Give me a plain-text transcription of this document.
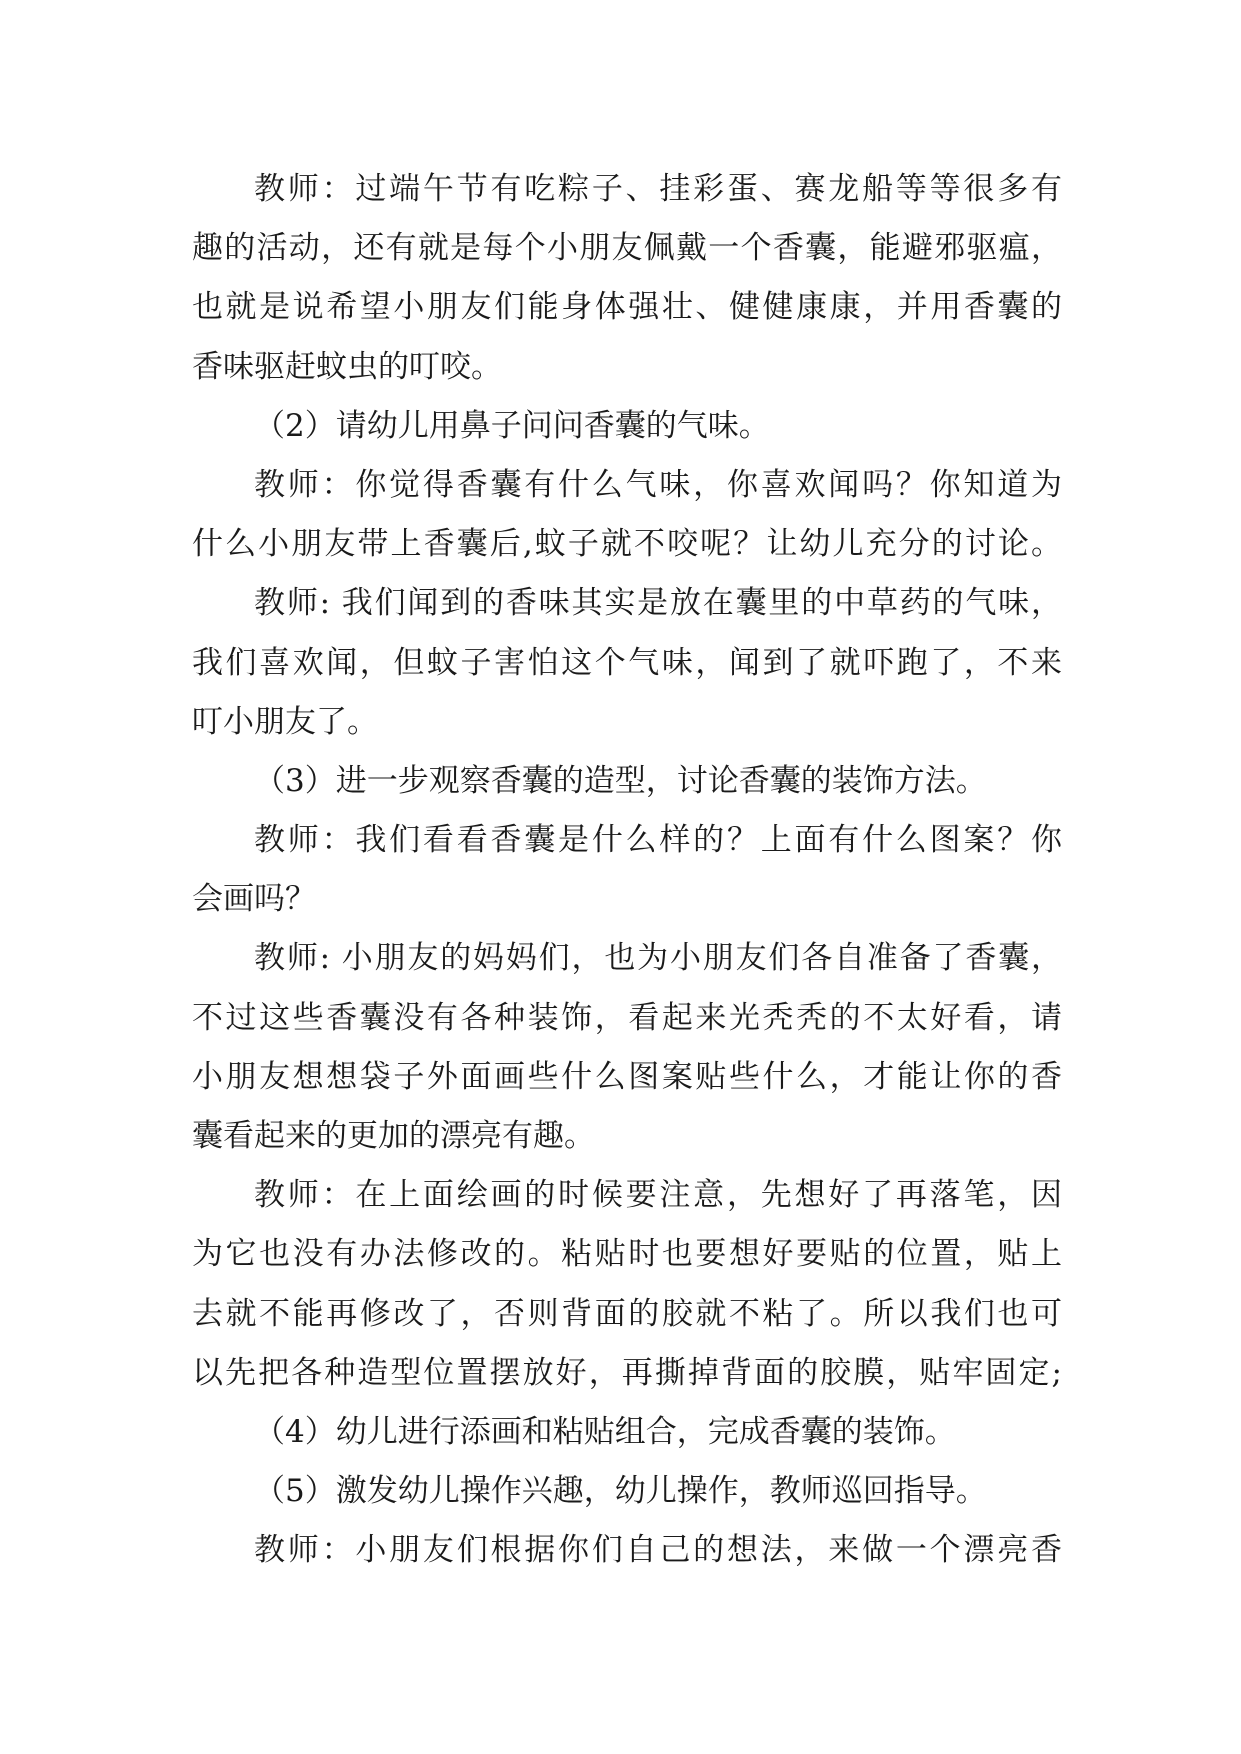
教师：过端午节有吃粽子、挂彩蛋、赛龙船等等很多有
趣的活动，还有就是每个小朋友佩戴一个香囊，能避邪驱瘟，
也就是说希望小朋友们能身体强壮、健健康康，并用香囊的
香味驱赶蚊虫的叮咬。
（2）请幼儿用鼻子问问香囊的气味。
教师：你觉得香囊有什么气味，你喜欢闻吗？你知道为
什么小朋友带上香囊后,蚊子就不咬呢？让幼儿充分的讨论。
教师: 我们闻到的香味其实是放在囊里的中草药的气味，
我们喜欢闻，但蚊子害怕这个气味，闻到了就吓跑了，不来
叮小朋友了。
（3）进一步观察香囊的造型，讨论香囊的装饰方法。
教师：我们看看香囊是什么样的？上面有什么图案？你
会画吗？
教师: 小朋友的妈妈们，也为小朋友们各自准备了香囊，
不过这些香囊没有各种装饰，看起来光秃秃的不太好看，请
小朋友想想袋子外面画些什么图案贴些什么，才能让你的香
囊看起来的更加的漂亮有趣。
教师：在上面绘画的时候要注意，先想好了再落笔，因
为它也没有办法修改的。粘贴时也要想好要贴的位置，贴上
去就不能再修改了，否则背面的胶就不粘了。所以我们也可
以先把各种造型位置摆放好，再撕掉背面的胶膜，贴牢固定;
（4）幼儿进行添画和粘贴组合，完成香囊的装饰。
（5）激发幼儿操作兴趣，幼儿操作，教师巡回指导。
教师：小朋友们根据你们自己的想法，来做一个漂亮香
